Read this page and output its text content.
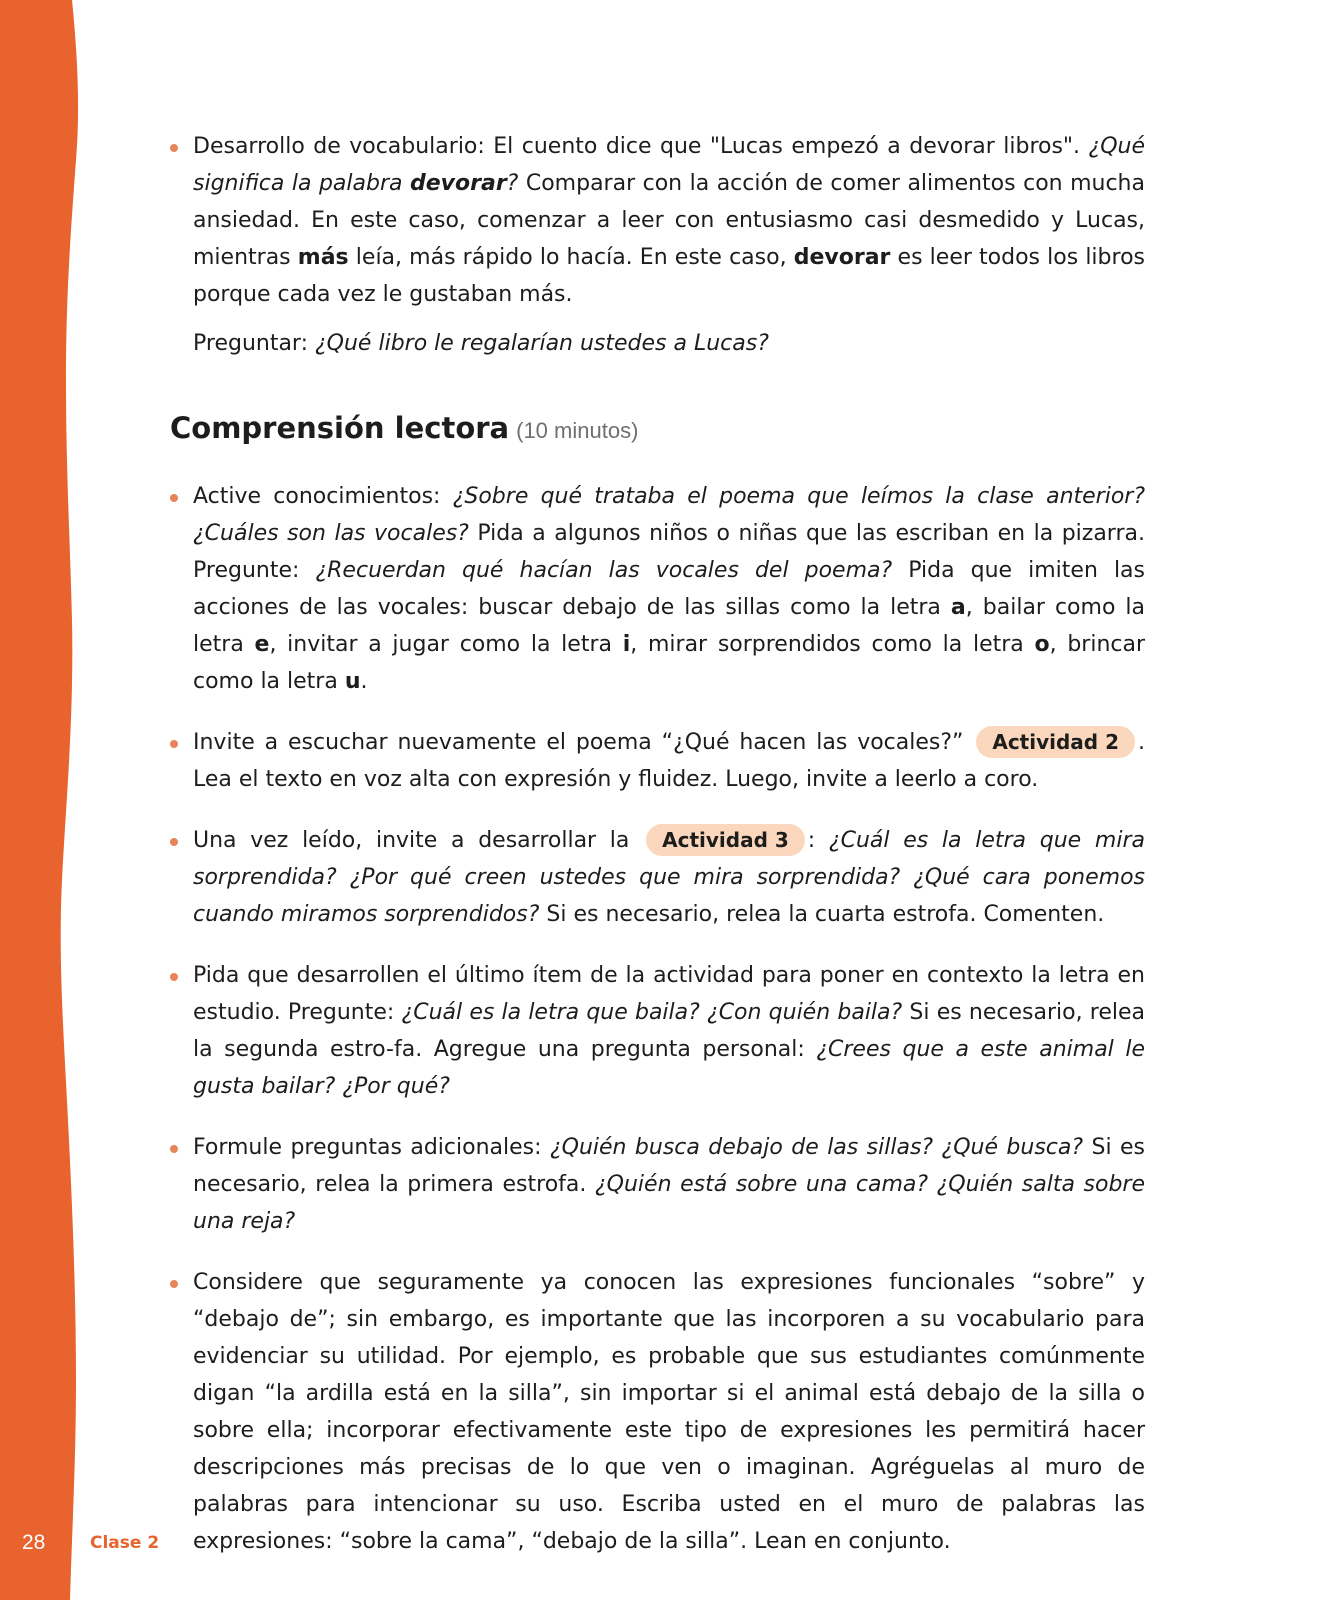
Desarrollo de vocabulario: El cuento dice que "Lucas empezó a devorar libros". ¿Qué significa la palabra devorar? Comparar con la acción de comer alimentos con mucha ansiedad. En este caso, comenzar a leer con entusiasmo casi desmedido y Lucas, mientras más leía, más rápido lo hacía. En este caso, devorar es leer todos los libros porque cada vez le gustaban más.
Preguntar: ¿Qué libro le regalarían ustedes a Lucas?
Comprensión lectora (10 minutos)
Active conocimientos: ¿Sobre qué trataba el poema que leímos la clase anterior? ¿Cuáles son las vocales? Pida a algunos niños o niñas que las escriban en la pizarra. Pregunte: ¿Recuerdan qué hacían las vocales del poema? Pida que imiten las acciones de las vocales: buscar debajo de las sillas como la letra a, bailar como la letra e, invitar a jugar como la letra i, mirar sorprendidos como la letra o, brincar como la letra u.
Invite a escuchar nuevamente el poema “¿Qué hacen las vocales?” Actividad 2 . Lea el texto en voz alta con expresión y fluidez. Luego, invite a leerlo a coro.
Una vez leído, invite a desarrollar la Actividad 3 : ¿Cuál es la letra que mira sorprendida? ¿Por qué creen ustedes que mira sorprendida? ¿Qué cara ponemos cuando miramos sorprendidos? Si es necesario, relea la cuarta estrofa. Comenten.
Pida que desarrollen el último ítem de la actividad para poner en contexto la letra en estudio. Pregunte: ¿Cuál es la letra que baila? ¿Con quién baila? Si es necesario, relea la segunda estro-fa. Agregue una pregunta personal: ¿Crees que a este animal le gusta bailar? ¿Por qué?
Formule preguntas adicionales: ¿Quién busca debajo de las sillas? ¿Qué busca? Si es necesario, relea la primera estrofa. ¿Quién está sobre una cama? ¿Quién salta sobre una reja?
Considere que seguramente ya conocen las expresiones funcionales “sobre” y “debajo de”; sin embargo, es importante que las incorporen a su vocabulario para evidenciar su utilidad. Por ejemplo, es probable que sus estudiantes comúnmente digan “la ardilla está en la silla”, sin importar si el animal está debajo de la silla o sobre ella; incorporar efectivamente este tipo de expresiones les permitirá hacer descripciones más precisas de lo que ven o imaginan. Agréguelas al muro de palabras para intencionar su uso. Escriba usted en el muro de palabras las expresiones: “sobre la cama”, “debajo de la silla”. Lean en conjunto.
28	Clase 2
